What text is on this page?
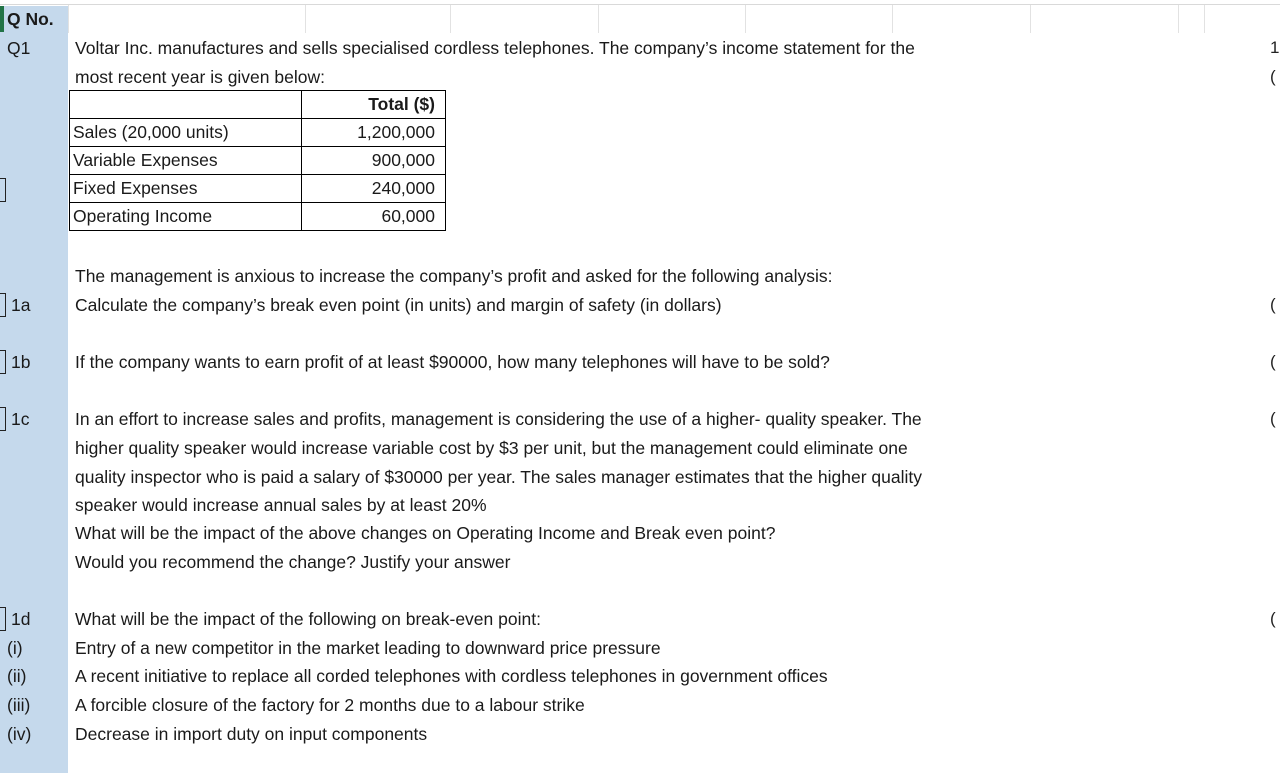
Q No.
Q1	Voltar Inc. manufactures and sells specialised cordless telephones. The company’s income statement for the
most recent year is given below:
	Total ($)
Sales (20,000 units)	1,200,000
Variable Expenses	900,000
Fixed Expenses	240,000
Operating Income	60,000
The management is anxious to increase the company’s profit and asked for the following analysis:
1a	Calculate the company’s break even point (in units) and margin of safety (in dollars)
1b	If the company wants to earn profit of at least $90000, how many telephones will have to be sold?
1c	In an effort to increase sales and profits, management is considering the use of a higher- quality speaker. The
higher quality speaker would increase variable cost by $3 per unit, but the management could eliminate one
quality inspector who is paid a salary of $30000 per year. The sales manager estimates that the higher quality
speaker would increase annual sales by at least 20%
What will be the impact of the above changes on Operating Income and Break even point?
Would you recommend the change? Justify your answer
1d	What will be the impact of the following on break-even point:
(i)	Entry of a new competitor in the market leading to downward price pressure
(ii)	A recent initiative to replace all corded telephones with cordless telephones in government offices
(iii)	A forcible closure of the factory for 2 months due to a labour strike
(iv) Decrease in import duty on input components
1
(
(
(
(
(
